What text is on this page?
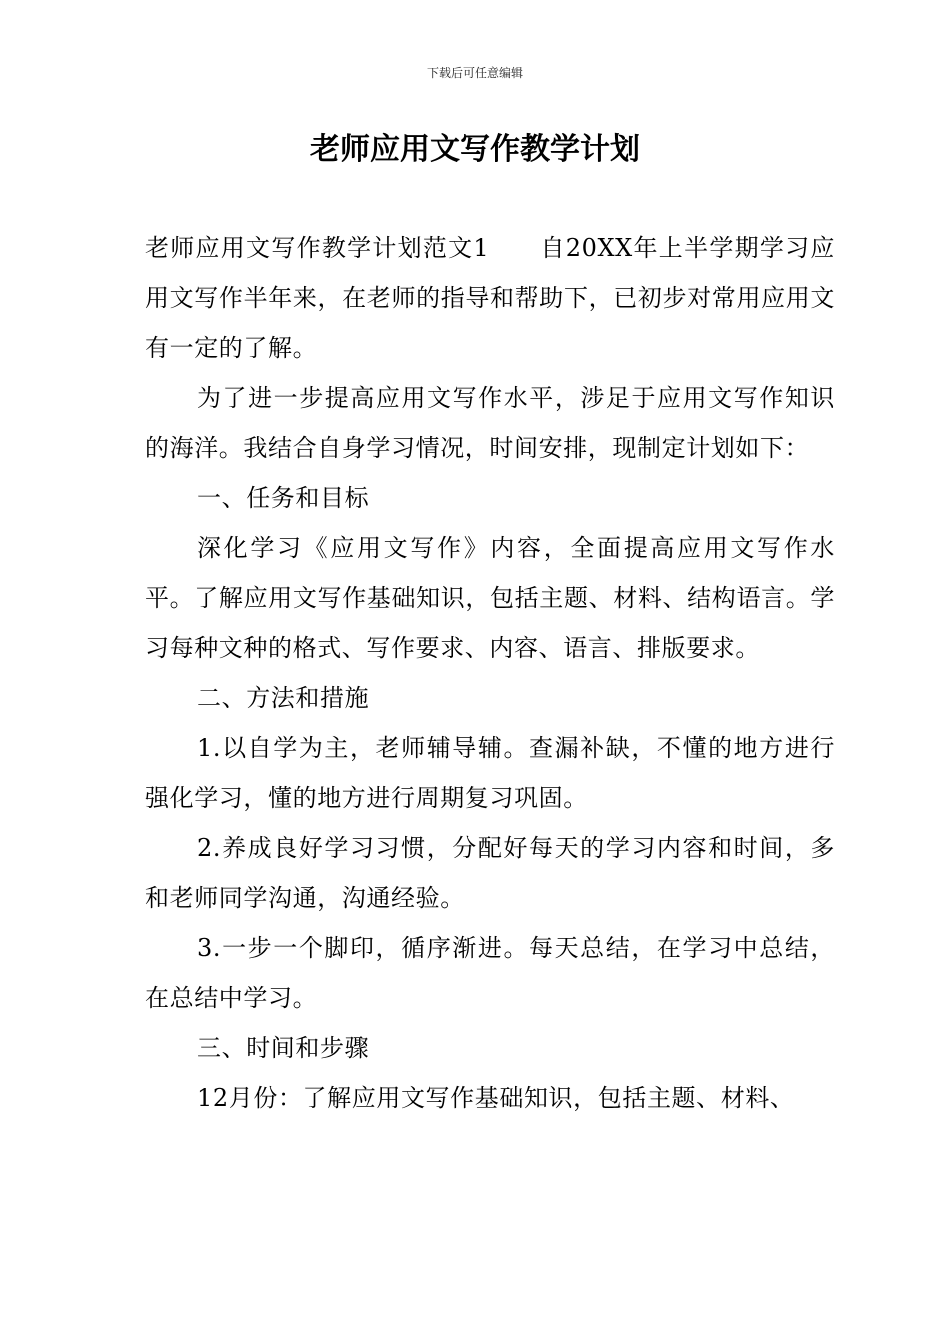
下载后可任意编辑
老师应用文写作教学计划

老师应用文写作教学计划范文1　　自20XX年上半学期学习应用文写作半年来，在老师的指导和帮助下，已初步对常用应用文有一定的了解。

为了进一步提高应用文写作水平，涉足于应用文写作知识的海洋。我结合自身学习情况，时间安排，现制定计划如下：

一、任务和目标

深化学习《应用文写作》内容，全面提高应用文写作水平。了解应用文写作基础知识，包括主题、材料、结构语言。学习每种文种的格式、写作要求、内容、语言、排版要求。

二、方法和措施

1.以自学为主，老师辅导辅。查漏补缺，不懂的地方进行强化学习，懂的地方进行周期复习巩固。

2.养成良好学习习惯，分配好每天的学习内容和时间，多和老师同学沟通，沟通经验。

3.一步一个脚印，循序渐进。每天总结，在学习中总结，在总结中学习。

三、时间和步骤

12月份：了解应用文写作基础知识，包括主题、材料、
